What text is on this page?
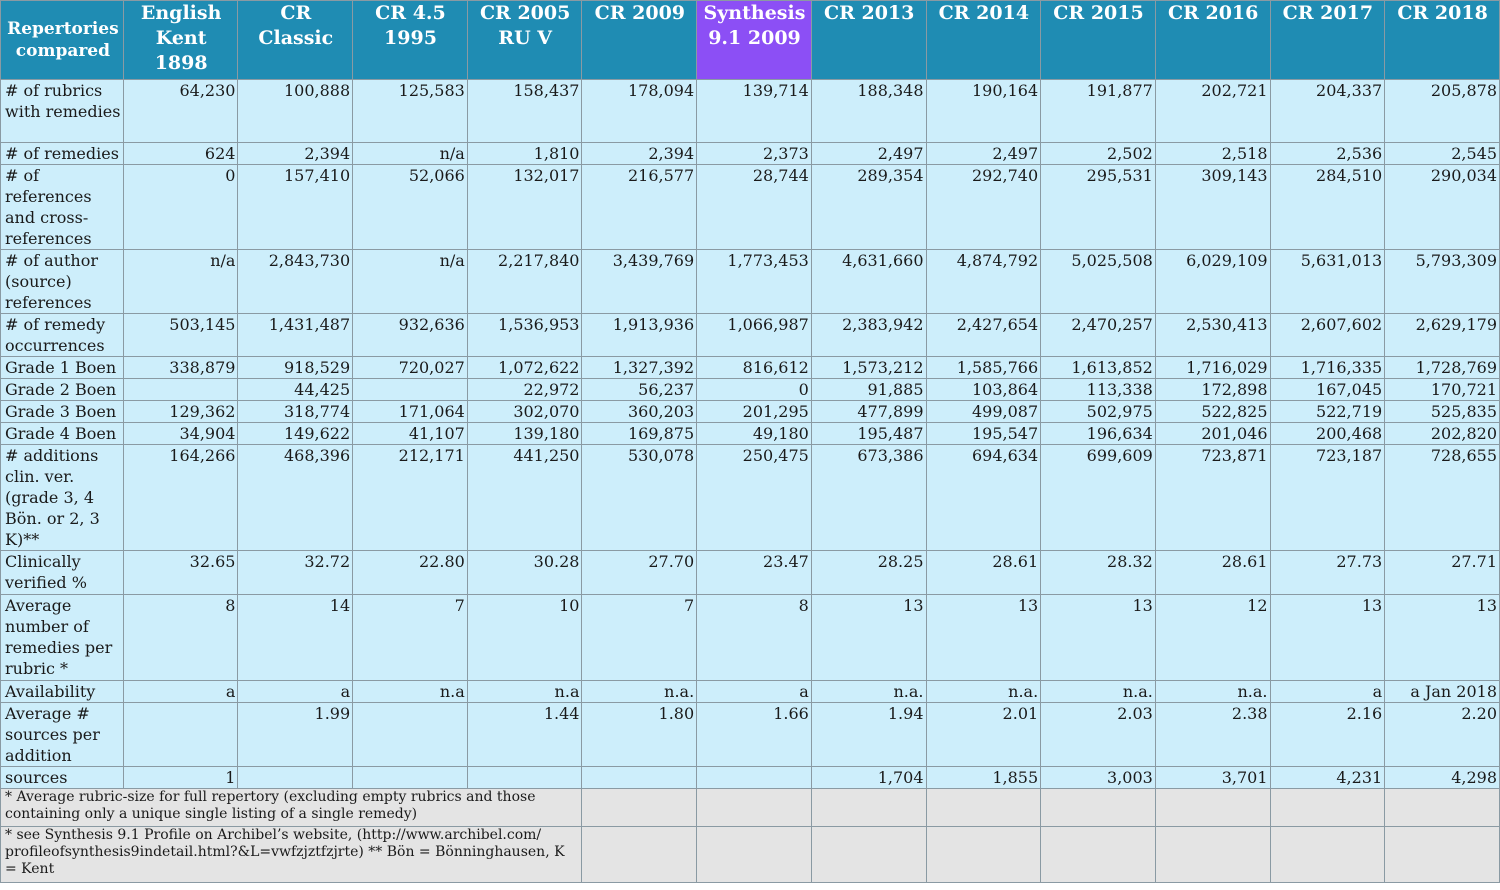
Repertories compared	English Kent 1898	CR Classic	CR 4.5 1995	CR 2005 RU V	CR 2009	Synthesis 9.1 2009	CR 2013	CR 2014	CR 2015	CR 2016	CR 2017	CR 2018
# of rubrics with remedies	64,230	100,888	125,583	158,437	178,094	139,714	188,348	190,164	191,877	202,721	204,337	205,878
# of remedies	624	2,394	n/a	1,810	2,394	2,373	2,497	2,497	2,502	2,518	2,536	2,545
# of references and cross-references	0	157,410	52,066	132,017	216,577	28,744	289,354	292,740	295,531	309,143	284,510	290,034
# of author (source) references	n/a	2,843,730	n/a	2,217,840	3,439,769	1,773,453	4,631,660	4,874,792	5,025,508	6,029,109	5,631,013	5,793,309
# of remedy occurrences	503,145	1,431,487	932,636	1,536,953	1,913,936	1,066,987	2,383,942	2,427,654	2,470,257	2,530,413	2,607,602	2,629,179
Grade 1 Boen	338,879	918,529	720,027	1,072,622	1,327,392	816,612	1,573,212	1,585,766	1,613,852	1,716,029	1,716,335	1,728,769
Grade 2 Boen		44,425		22,972	56,237	0	91,885	103,864	113,338	172,898	167,045	170,721
Grade 3 Boen	129,362	318,774	171,064	302,070	360,203	201,295	477,899	499,087	502,975	522,825	522,719	525,835
Grade 4 Boen	34,904	149,622	41,107	139,180	169,875	49,180	195,487	195,547	196,634	201,046	200,468	202,820
# additions clin. ver. (grade 3, 4 Bön. or 2, 3 K)**	164,266	468,396	212,171	441,250	530,078	250,475	673,386	694,634	699,609	723,871	723,187	728,655
Clinically verified %	32.65	32.72	22.80	30.28	27.70	23.47	28.25	28.61	28.32	28.61	27.73	27.71
Average number of remedies per rubric *	8	14	7	10	7	8	13	13	13	12	13	13
Availability	a	a	n.a	n.a	n.a.	a	n.a.	n.a.	n.a.	n.a.	a	a Jan 2018
Average # sources per addition		1.99		1.44	1.80	1.66	1.94	2.01	2.03	2.38	2.16	2.20
sources	1						1,704	1,855	3,003	3,701	4,231	4,298
* Average rubric-size for full repertory (excluding empty rubrics and those containing only a unique single listing of a single remedy)												
* see Synthesis 9.1 Profile on Archibel’s website, (http://www.archibel.com/ profileofsynthesis9indetail.html?&L=vwfzjztfzjrte) ** Bön = Bönninghausen, K = Kent												
